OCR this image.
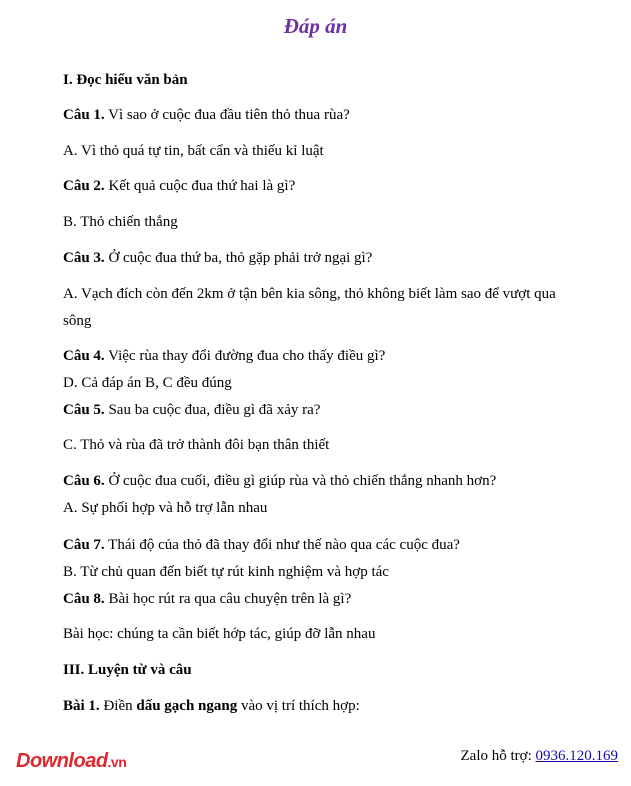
Đáp án
I. Đọc hiểu văn bản
Câu 1. Vì sao ở cuộc đua đầu tiên thỏ thua rùa?
A. Vì thỏ quá tự tin, bất cẩn và thiếu kỉ luật
Câu 2. Kết quả cuộc đua thứ hai là gì?
B. Thỏ chiến thắng
Câu 3. Ở cuộc đua thứ ba, thỏ gặp phải trở ngại gì?
A. Vạch đích còn đến 2km ở tận bên kia sông, thỏ không biết làm sao để vượt qua
sông
Câu 4. Việc rùa thay đổi đường đua cho thấy điều gì?
D. Cả đáp án B, C đều đúng
Câu 5. Sau ba cuộc đua, điều gì đã xảy ra?
C. Thỏ và rùa đã trở thành đôi bạn thân thiết
Câu 6. Ở cuộc đua cuối, điều gì giúp rùa và thỏ chiến thắng nhanh hơn?
A. Sự phối hợp và hỗ trợ lẫn nhau
Câu 7. Thái độ của thỏ đã thay đổi như thế nào qua các cuộc đua?
B. Từ chủ quan đến biết tự rút kinh nghiệm và hợp tác
Câu 8. Bài học rút ra qua câu chuyện trên là gì?
Bài học: chúng ta cần biết hớp tác, giúp đỡ lẫn nhau
III. Luyện từ và câu
Bài 1. Điền dấu gạch ngang vào vị trí thích hợp:
Download.vn	Zalo hỗ trợ: 0936.120.169
